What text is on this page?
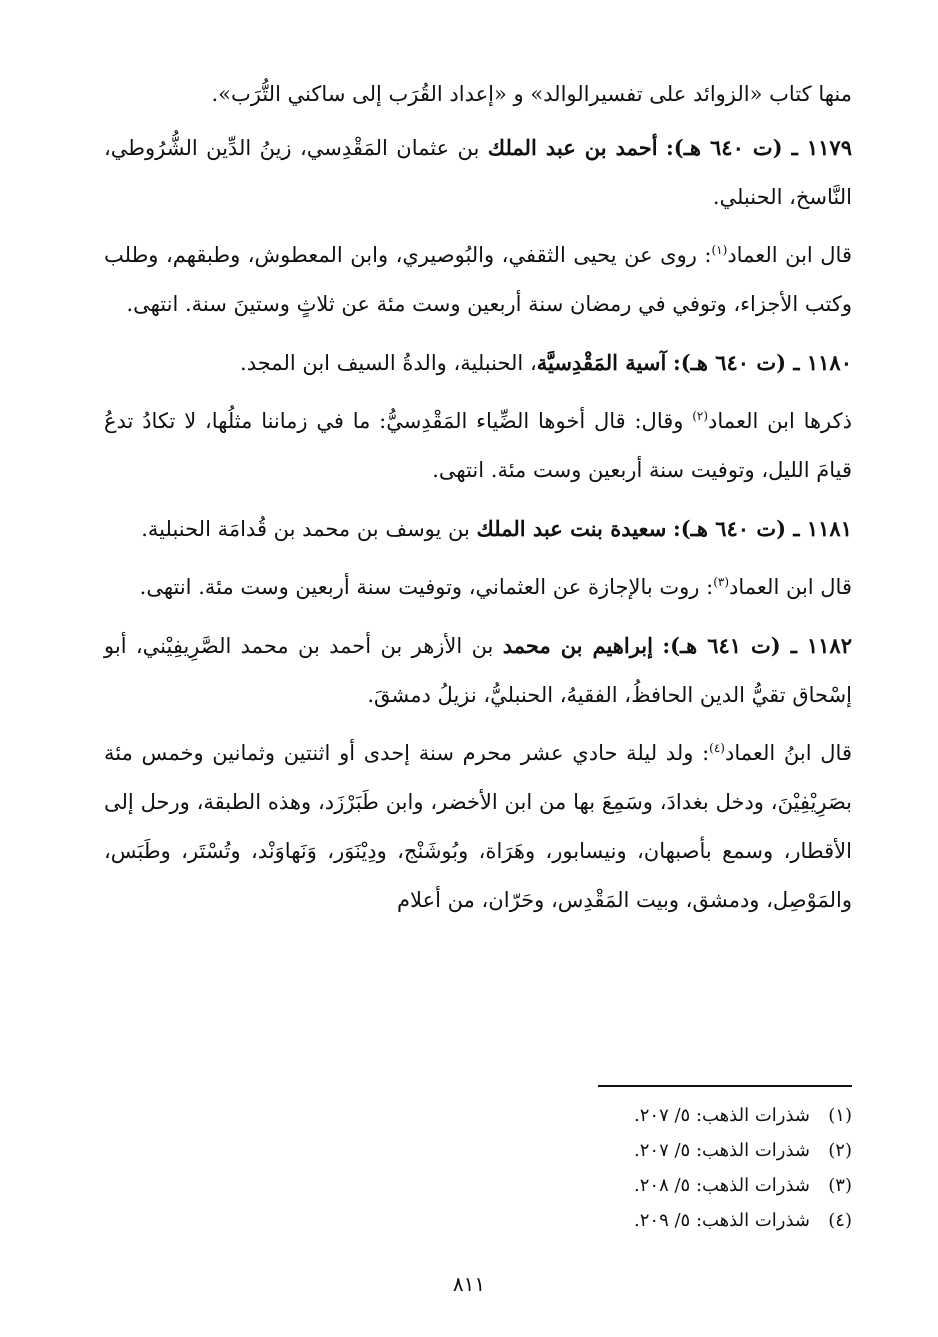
منها كتاب «الزوائد على تفسيرالوالد» و «إعداد القُرَب إلى ساكني التُّرَب».

١١٧٩ ـ (ت ٦٤٠ هـ): أحمد بن عبد الملك بن عثمان المَقْدِسي، زينُ الدِّين الشُّرُوطي، النَّاسخ، الحنبلي.

قال ابن العماد$^{(١)}$: روى عن يحيى الثقفي، والبُوصيري، وابن المعطوش، وطبقهم، وطلب وكتب الأجزاء، وتوفي في رمضان سنة أربعين وست مئة عن ثلاثٍ وستينَ سنة. انتهى.

١١٨٠ ـ (ت ٦٤٠ هـ): آسية المَقْدِسيَّة، الحنبلية، والدةُ السيف ابن المجد.

ذكرها ابن العماد$^{(٢)}$ وقال: قال أخوها الضِّياء المَقْدِسيُّ: ما في زماننا مثلُها، لا تكادُ تدعُ قيامَ الليل، وتوفيت سنة أربعين وست مئة. انتهى.

١١٨١ ـ (ت ٦٤٠ هـ): سعيدة بنت عبد الملك بن يوسف بن محمد بن قُدامَة الحنبلية.

قال ابن العماد$^{(٣)}$: روت بالإجازة عن العثماني، وتوفيت سنة أربعين وست مئة. انتهى.

١١٨٢ ـ (ت ٦٤١ هـ): إبراهيم بن محمد بن الأزهر بن أحمد بن محمد الصَّرِيفِيْني، أبو إسْحاق تقيُّ الدين الحافظُ، الفقيهُ، الحنبليُّ، نزيلُ دمشقَ.

قال ابنُ العماد$^{(٤)}$: ولد ليلة حادي عشر محرم سنة إحدى أو اثنتين وثمانين وخمس مئة بصَرِيْفِيْنَ، ودخل بغدادَ، وسَمِعَ بها من ابن الأخضر، وابن طَبَرْزَد، وهذه الطبقة، ورحل إلى الأقطار، وسمع بأصبهان، ونيسابور، وهَرَاة، وبُوشَنْج، ودِيْنَوَر، وَنَهاوَنْد، وتُسْتَر، وطَبَس، والمَوْصِل، ودمشق، وبيت المَقْدِس، وحَرّان، من أعلام

(١)شذرات الذهب: ٥/ ٢٠٧.
(٢)شذرات الذهب: ٥/ ٢٠٧.
(٣)شذرات الذهب: ٥/ ٢٠٨.
(٤)شذرات الذهب: ٥/ ٢٠٩.
٨١١
